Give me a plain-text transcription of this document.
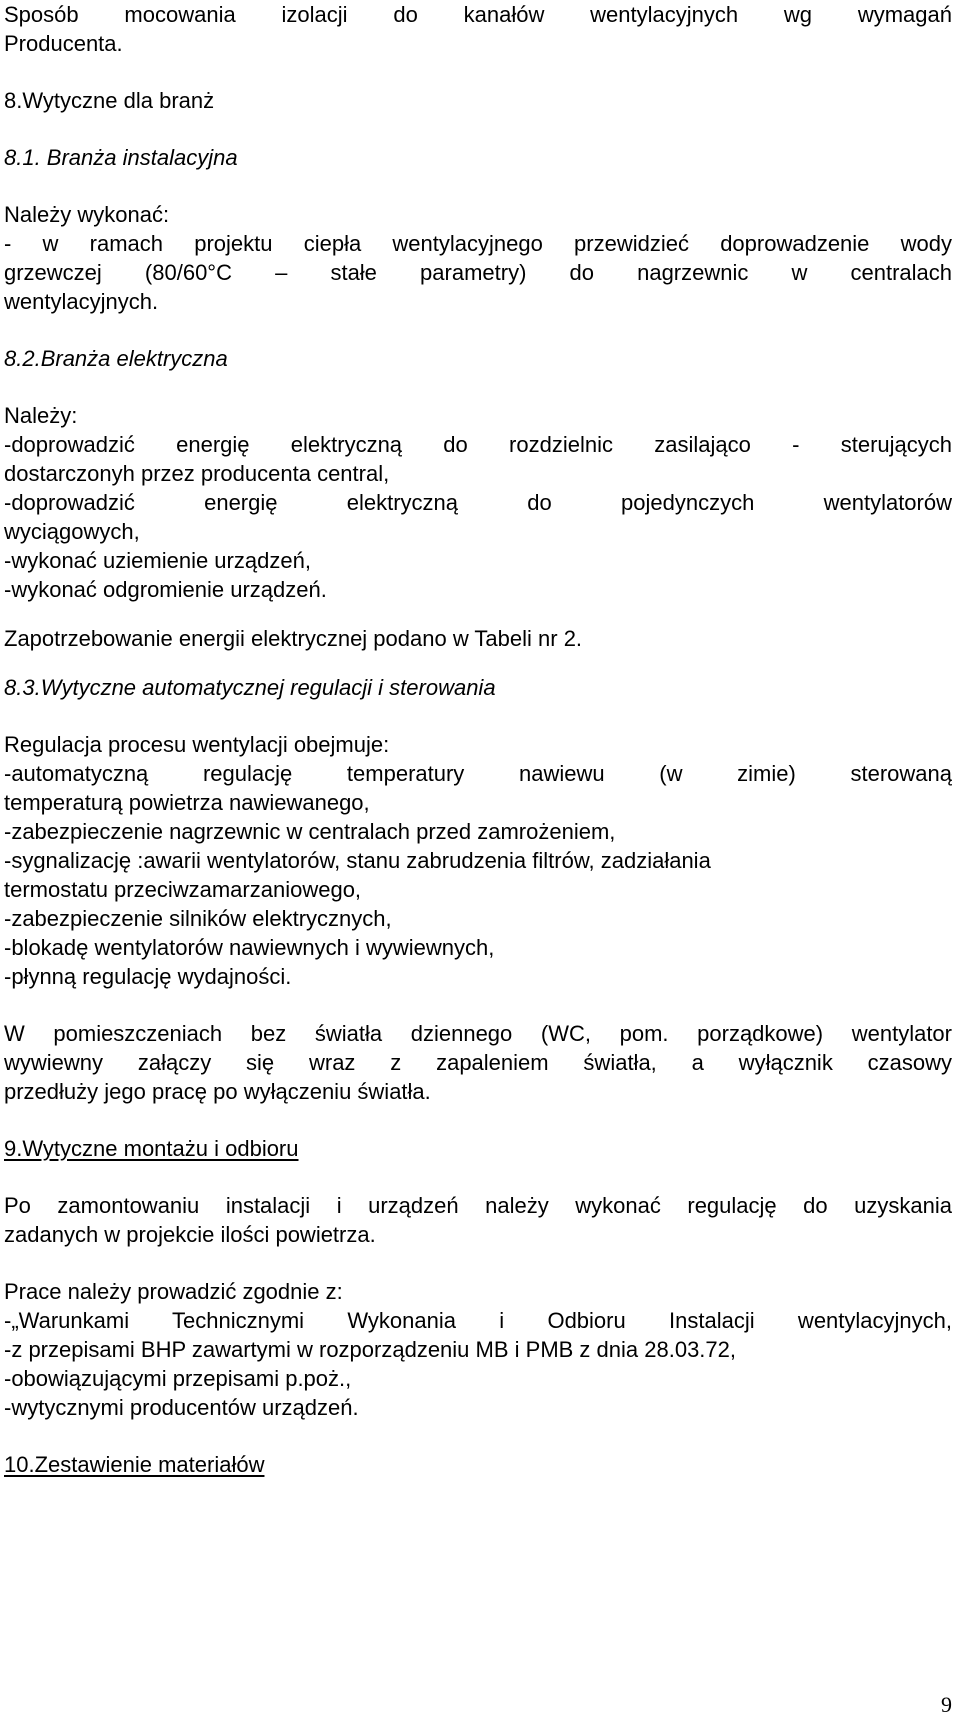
Sposób mocowania izolacji do kanałów wentylacyjnych wg wymagań
Producenta.
8.Wytyczne dla branż
8.1. Branża instalacyjna
Należy wykonać:
- w ramach projektu ciepła wentylacyjnego przewidzieć doprowadzenie wody
grzewczej (80/60°C – stałe parametry) do nagrzewnic w centralach
wentylacyjnych.
8.2.Branża elektryczna
Należy:
-doprowadzić energię elektryczną do rozdzielnic zasilająco - sterujących
dostarczonyh przez producenta central,
-doprowadzić energię elektryczną do pojedynczych wentylatorów
wyciągowych,
-wykonać uziemienie urządzeń,
-wykonać odgromienie urządzeń.
Zapotrzebowanie energii elektrycznej podano w Tabeli nr 2.
8.3.Wytyczne automatycznej regulacji i sterowania
Regulacja procesu wentylacji obejmuje:
-automatyczną regulację temperatury nawiewu (w zimie) sterowaną
temperaturą powietrza nawiewanego,
-zabezpieczenie nagrzewnic w centralach przed zamrożeniem,
-sygnalizację :awarii wentylatorów, stanu zabrudzenia filtrów, zadziałania
termostatu przeciwzamarzaniowego,
-zabezpieczenie silników elektrycznych,
-blokadę wentylatorów nawiewnych i wywiewnych,
-płynną regulację wydajności.
W pomieszczeniach bez światła dziennego (WC, pom. porządkowe) wentylator
wywiewny załączy się wraz z zapaleniem światła, a wyłącznik czasowy
przedłuży jego pracę po wyłączeniu światła.
9.Wytyczne montażu i odbioru
Po zamontowaniu instalacji i urządzeń należy wykonać regulację do uzyskania
zadanych w projekcie ilości powietrza.
Prace należy prowadzić zgodnie z:
-„Warunkami Technicznymi Wykonania i Odbioru Instalacji wentylacyjnych,
-z przepisami BHP zawartymi w rozporządzeniu MB i PMB z dnia 28.03.72,
-obowiązującymi przepisami p.poż.,
-wytycznymi producentów urządzeń.
10.Zestawienie materiałów
9
